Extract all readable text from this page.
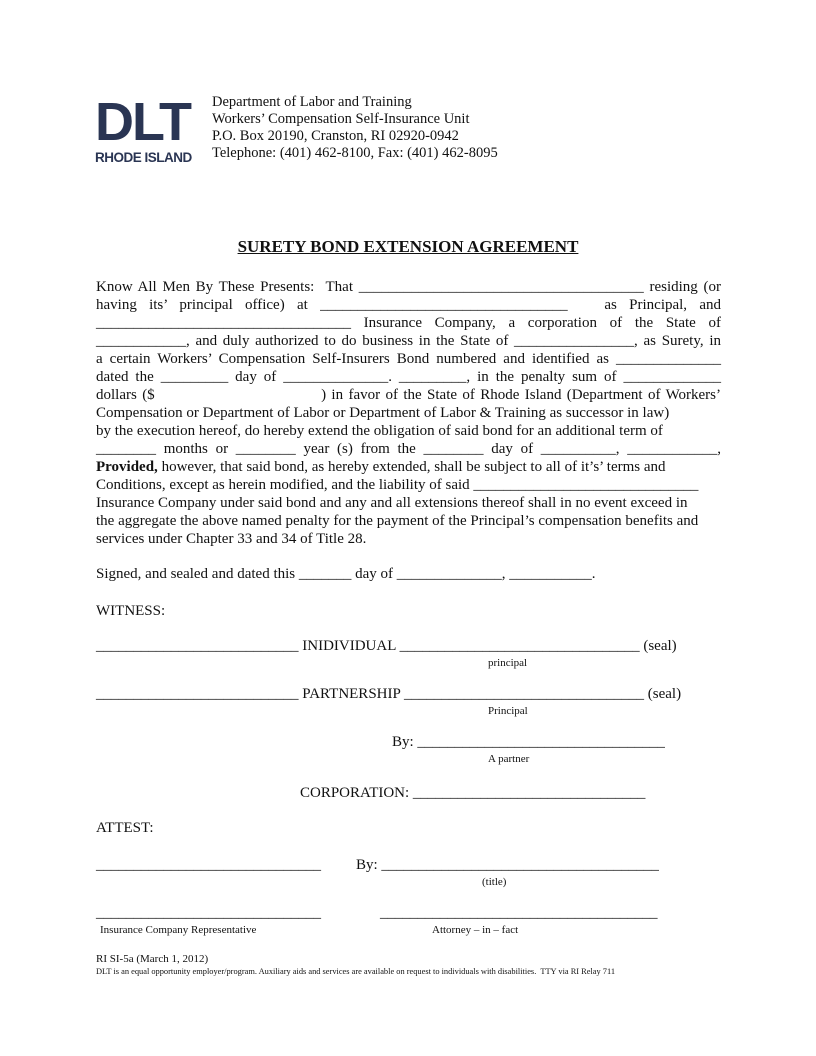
DLT
RHODE ISLAND
Department of Labor and Training
Workers’ Compensation Self-Insurance Unit
P.O. Box 20190, Cranston, RI 02920-0942
Telephone: (401) 462-8100, Fax: (401) 462-8095
SURETY BOND EXTENSION AGREEMENT
Know All Men By These Presents:  That ______________________________________ residing (or
having its’ principal office) at _________________________________   as Principal, and
__________________________________ Insurance Company, a corporation of the State of
____________, and duly authorized to do business in the State of ________________, as Surety, in
a certain Workers’ Compensation Self-Insurers Bond numbered and identified as ______________
dated the _________ day of ______________. _________, in the penalty sum of _____________
dollars ($                               ) in favor of the State of Rhode Island (Department of Workers’
Compensation or Department of Labor or Department of Labor & Training as successor in law)
by the execution hereof, do hereby extend the obligation of said bond for an additional term of
________ months or ________ year (s) from the ________ day of __________, ____________,
Provided, however, that said bond, as hereby extended, shall be subject to all of it’s’ terms and
Conditions, except as herein modified, and the liability of said ______________________________
Insurance Company under said bond and any and all extensions thereof shall in no event exceed in
the aggregate the above named penalty for the payment of the Principal’s compensation benefits and
services under Chapter 33 and 34 of Title 28.
Signed, and sealed and dated this _______ day of ______________, ___________.
WITNESS:
___________________________ INIDIVIDUAL ________________________________ (seal)
principal
___________________________ PARTNERSHIP ________________________________ (seal)
Principal
By: _________________________________
A partner
CORPORATION: _______________________________
ATTEST:
______________________________ By: _____________________________________
(title)
______________________________	_____________________________________
Insurance Company Representative	Attorney – in – fact
RI SI-5a (March 1, 2012)
DLT is an equal opportunity employer/program. Auxiliary aids and services are available on request to individuals with disabilities.  TTY via RI Relay 711
